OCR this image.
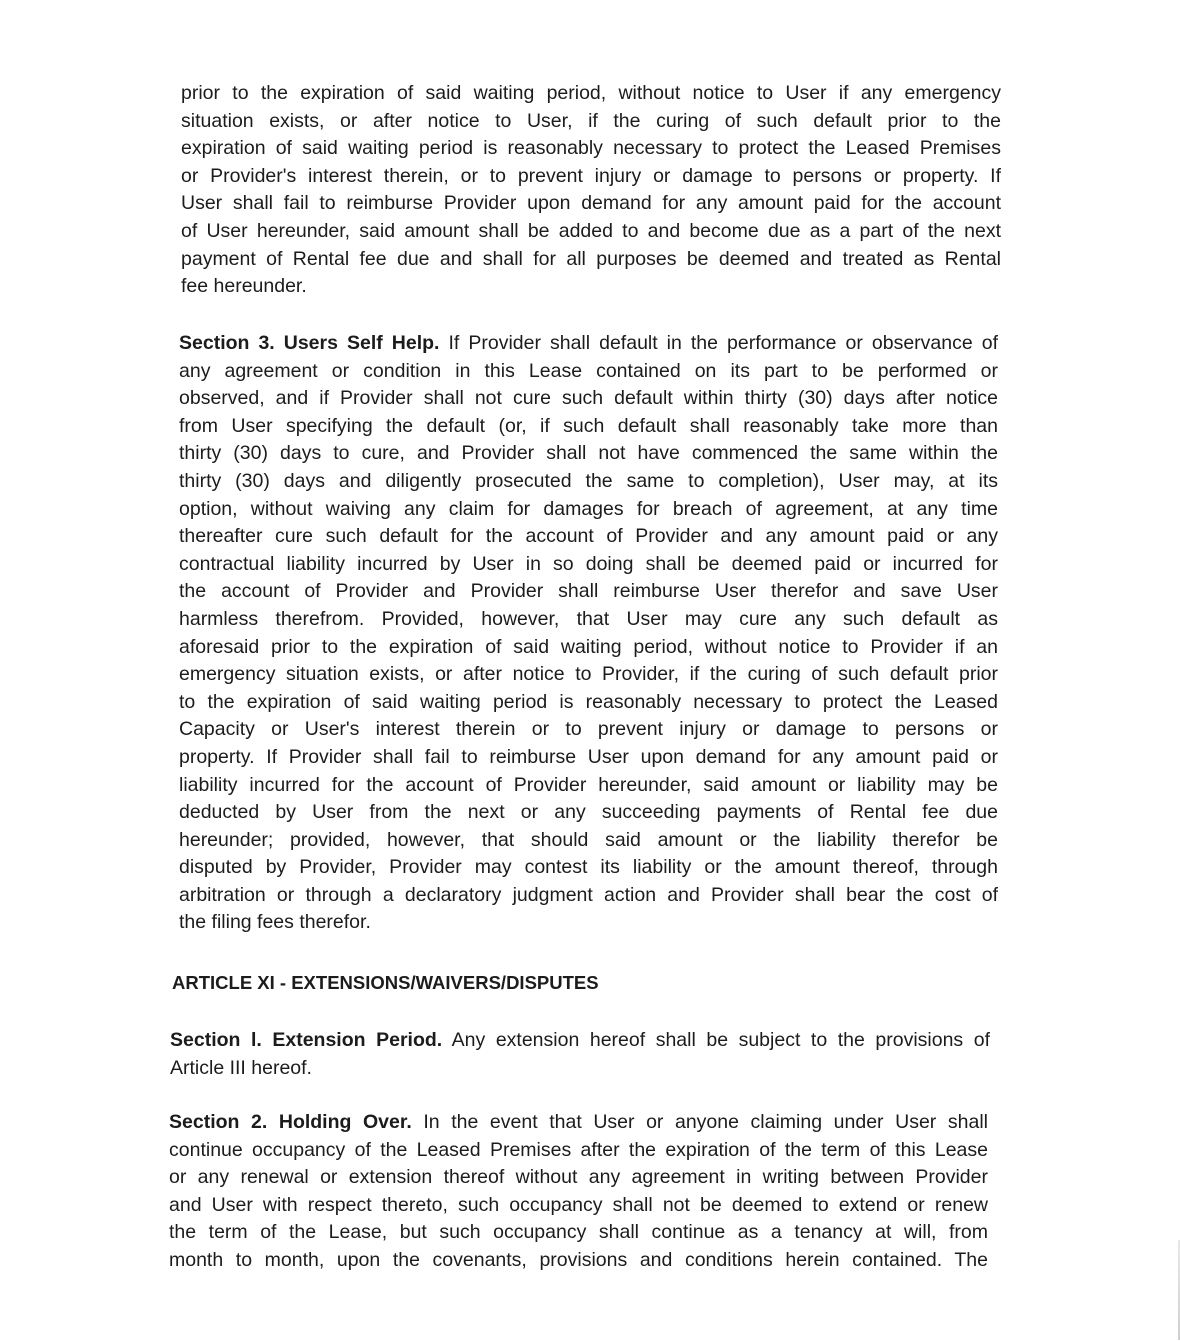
prior to the expiration of said waiting period, without notice to User if any emergency
situation exists, or after notice to User, if the curing of such default prior to the
expiration of said waiting period is reasonably necessary to protect the Leased Premises
or Provider's interest therein, or to prevent injury or damage to persons or property. If
User shall fail to reimburse Provider upon demand for any amount paid for the account
of User hereunder, said amount shall be added to and become due as a part of the next
payment of Rental fee due and shall for all purposes be deemed and treated as Rental
fee hereunder.
Section 3. Users Self Help. If Provider shall default in the performance or observance of
any agreement or condition in this Lease contained on its part to be performed or
observed, and if Provider shall not cure such default within thirty (30) days after notice
from User specifying the default (or, if such default shall reasonably take more than
thirty (30) days to cure, and Provider shall not have commenced the same within the
thirty (30) days and diligently prosecuted the same to completion), User may, at its
option, without waiving any claim for damages for breach of agreement, at any time
thereafter cure such default for the account of Provider and any amount paid or any
contractual liability incurred by User in so doing shall be deemed paid or incurred for
the account of Provider and Provider shall reimburse User therefor and save User
harmless therefrom. Provided, however, that User may cure any such default as
aforesaid prior to the expiration of said waiting period, without notice to Provider if an
emergency situation exists, or after notice to Provider, if the curing of such default prior
to the expiration of said waiting period is reasonably necessary to protect the Leased
Capacity or User's interest therein or to prevent injury or damage to persons or
property. If Provider shall fail to reimburse User upon demand for any amount paid or
liability incurred for the account of Provider hereunder, said amount or liability may be
deducted by User from the next or any succeeding payments of Rental fee due
hereunder; provided, however, that should said amount or the liability therefor be
disputed by Provider, Provider may contest its liability or the amount thereof, through
arbitration or through a declaratory judgment action and Provider shall bear the cost of
the filing fees therefor.
ARTICLE XI - EXTENSIONS/WAIVERS/DISPUTES
Section l. Extension Period. Any extension hereof shall be subject to the provisions of
Article III hereof.
Section 2. Holding Over. In the event that User or anyone claiming under User shall
continue occupancy of the Leased Premises after the expiration of the term of this Lease
or any renewal or extension thereof without any agreement in writing between Provider
and User with respect thereto, such occupancy shall not be deemed to extend or renew
the term of the Lease, but such occupancy shall continue as a tenancy at will, from
month to month, upon the covenants, provisions and conditions herein contained. The
